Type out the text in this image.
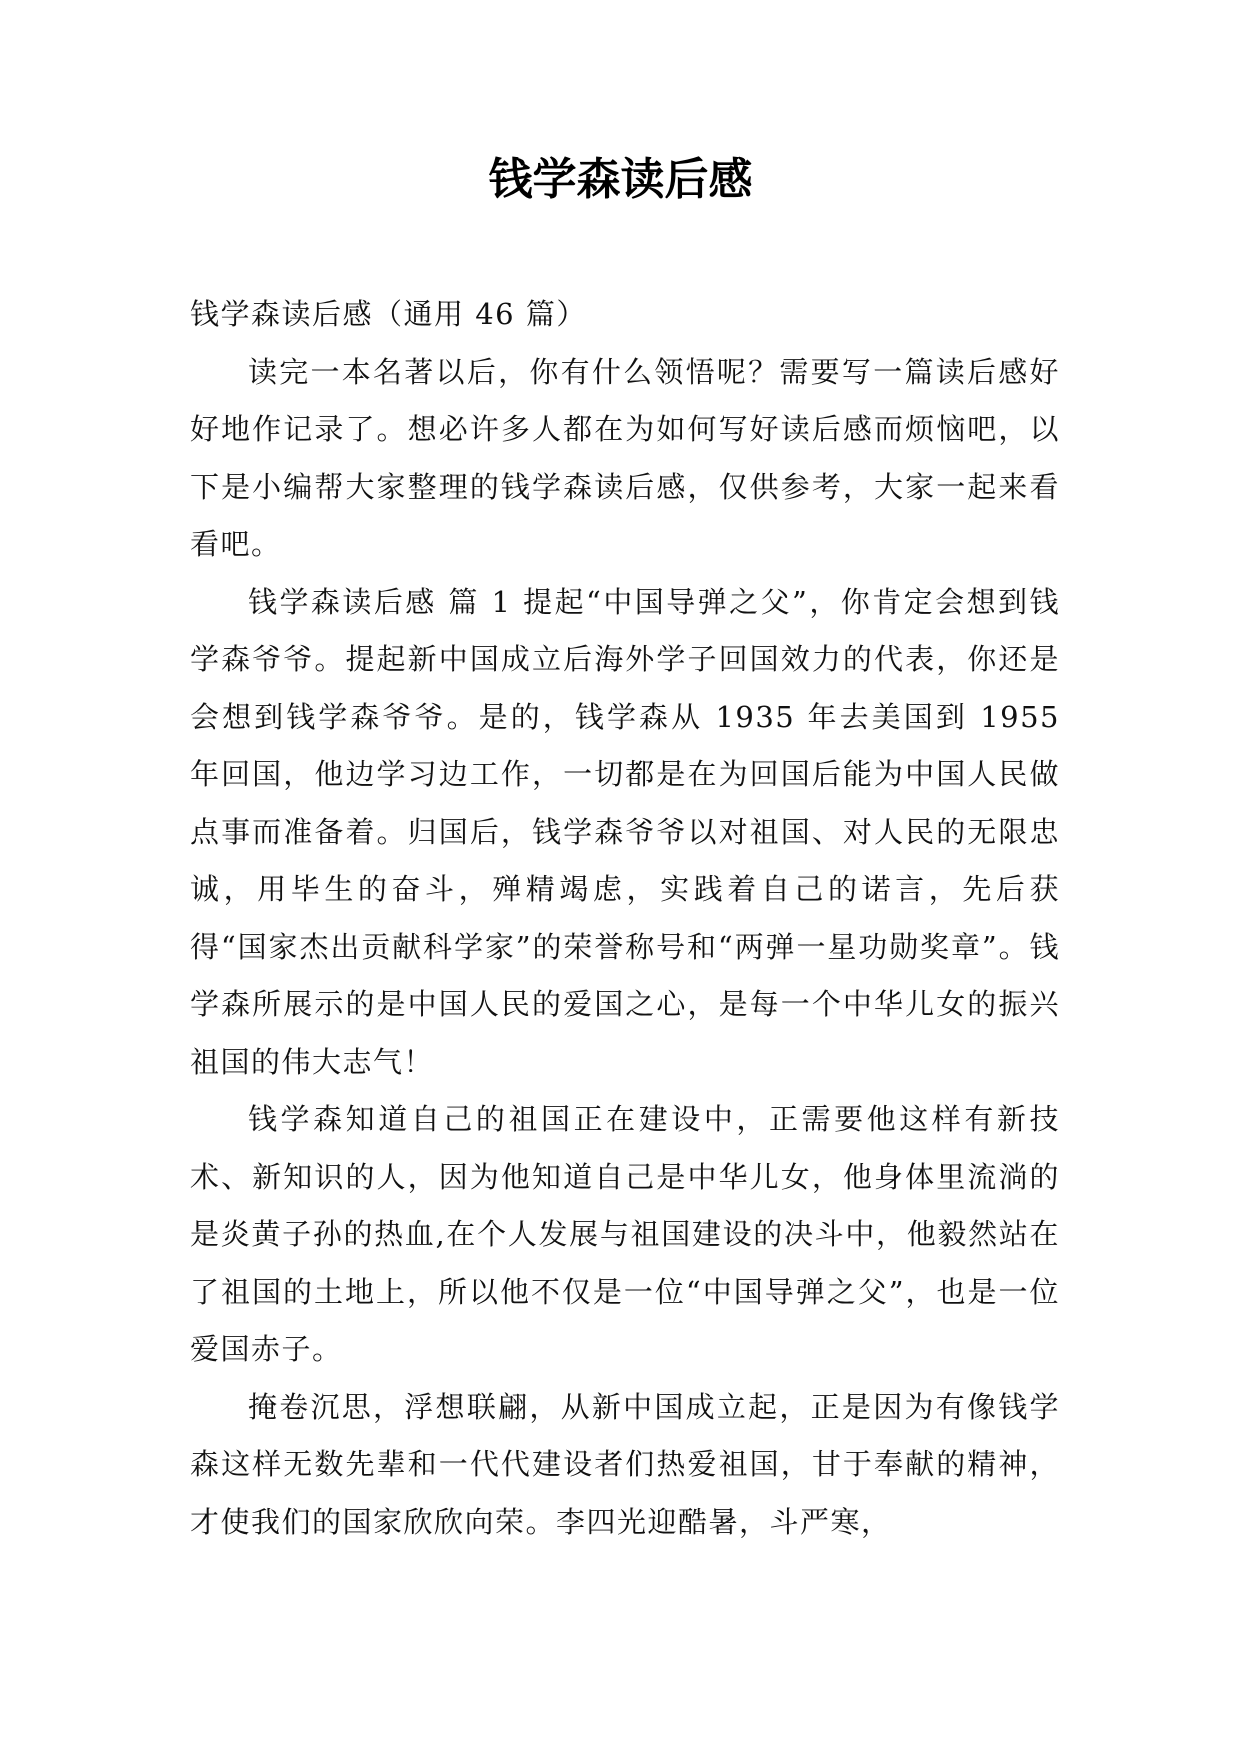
钱学森读后感

钱学森读后感（通用 46 篇）

读完一本名著以后，你有什么领悟呢？需要写一篇读后感好好地作记录了。想必许多人都在为如何写好读后感而烦恼吧，以下是小编帮大家整理的钱学森读后感，仅供参考，大家一起来看看吧。

钱学森读后感 篇 1 提起“中国导弹之父”，你肯定会想到钱学森爷爷。提起新中国成立后海外学子回国效力的代表，你还是会想到钱学森爷爷。是的，钱学森从 1935 年去美国到 1955 年回国，他边学习边工作，一切都是在为回国后能为中国人民做点事而准备着。归国后，钱学森爷爷以对祖国、对人民的无限忠诚，用毕生的奋斗，殚精竭虑，实践着自己的诺言，先后获得“国家杰出贡献科学家”的荣誉称号和“两弹一星功勋奖章”。钱学森所展示的是中国人民的爱国之心，是每一个中华儿女的振兴祖国的伟大志气！

钱学森知道自己的祖国正在建设中，正需要他这样有新技术、新知识的人，因为他知道自己是中华儿女，他身体里流淌的是炎黄子孙的热血,在个人发展与祖国建设的决斗中，他毅然站在了祖国的土地上，所以他不仅是一位“中国导弹之父”，也是一位爱国赤子。

掩卷沉思，浮想联翩，从新中国成立起，正是因为有像钱学森这样无数先辈和一代代建设者们热爱祖国，甘于奉献的精神，才使我们的国家欣欣向荣。李四光迎酷暑，斗严寒，
